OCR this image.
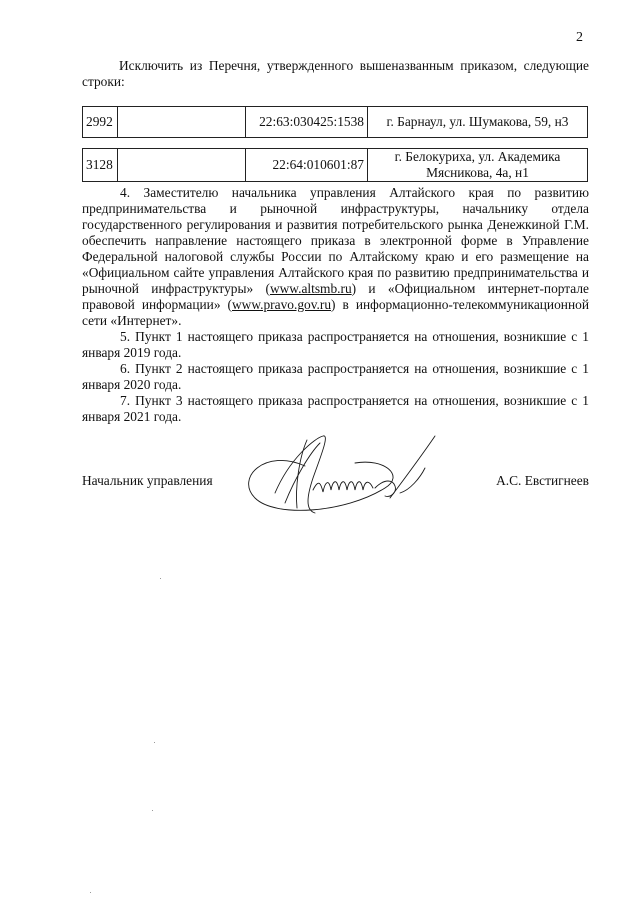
2

Исключить из Перечня, утвержденного вышеназванным приказом, следующие строки:

2992		22:63:030425:1538	г. Барнаул, ул. Шумакова, 59, н3
3128		22:64:010601:87	г. Белокуриха, ул. Академика Мясникова, 4а, н1

4. Заместителю начальника управления Алтайского края по развитию предпринимательства и рыночной инфраструктуры, начальнику отдела государственного регулирования и развития потребительского рынка Денежкиной Г.М. обеспечить направление настоящего приказа в электронной форме в Управление Федеральной налоговой службы России по Алтайскому краю и его размещение на «Официальном сайте управления Алтайского края по развитию предпринимательства и рыночной инфраструктуры» (www.altsmb.ru) и «Официальном интернет-портале правовой информации» (www.pravo.gov.ru) в информационно-телекоммуникационной сети «Интернет».

5. Пункт 1 настоящего приказа распространяется на отношения, возникшие с 1 января 2019 года.

6. Пункт 2 настоящего приказа распространяется на отношения, возникшие с 1 января 2020 года.

7. Пункт 3 настоящего приказа распространяется на отношения, возникшие с 1 января 2021 года.

Начальник управления	А.С. Евстигнеев
